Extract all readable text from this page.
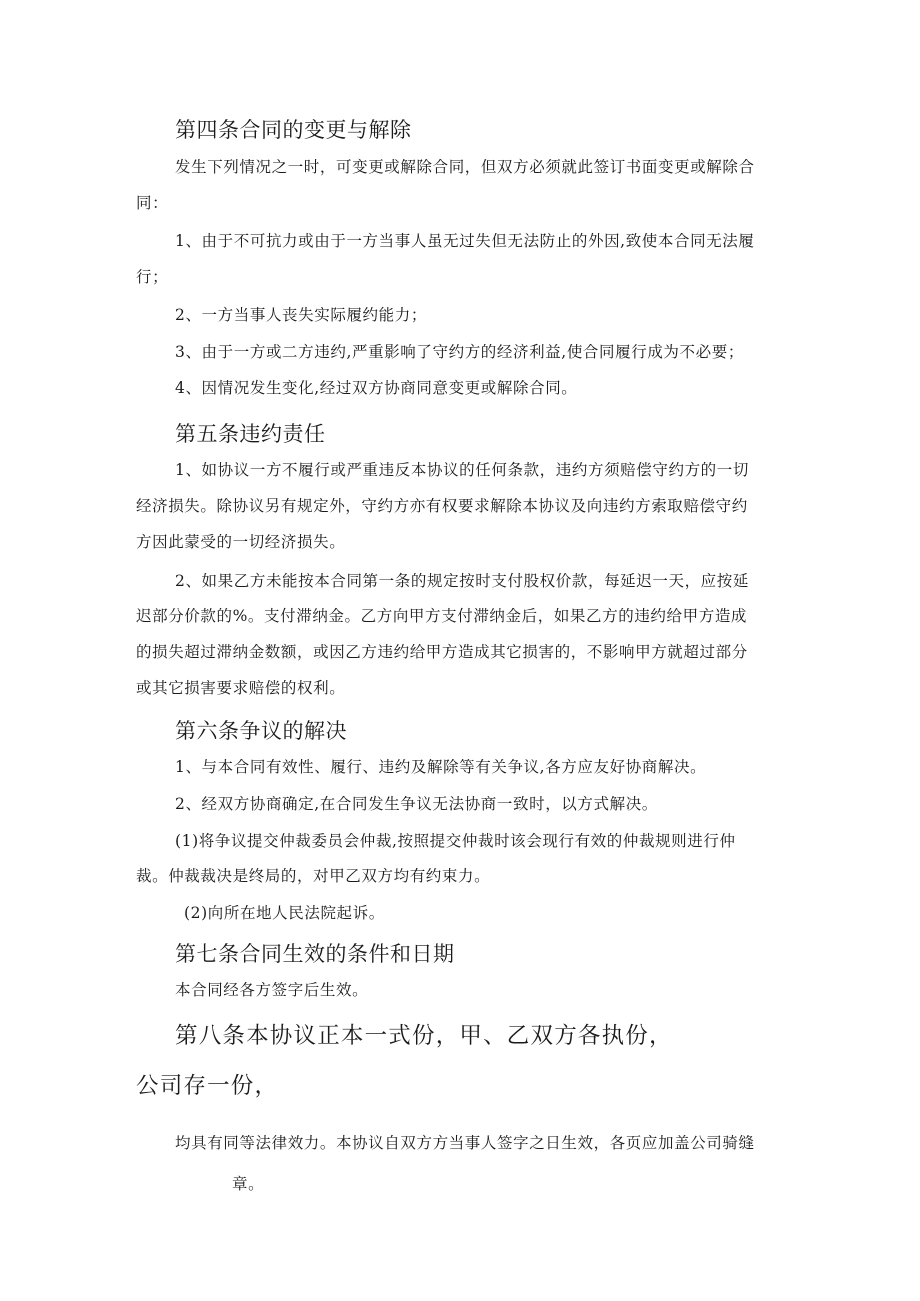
第四条合同的变更与解除
发生下列情况之一时，可变更或解除合同，但双方必须就此签订书面变更或解除合
同：
1、由于不可抗力或由于一方当事人虽无过失但无法防止的外因,致使本合同无法履
行；
2、一方当事人丧失实际履约能力；
3、由于一方或二方违约,严重影响了守约方的经济利益,使合同履行成为不必要；
4、因情况发生变化,经过双方协商同意变更或解除合同。
第五条违约责任
1、如协议一方不履行或严重违反本协议的任何条款，违约方须赔偿守约方的一切
经济损失。除协议另有规定外，守约方亦有权要求解除本协议及向违约方索取赔偿守约
方因此蒙受的一切经济损失。
2、如果乙方未能按本合同第一条的规定按时支付股权价款，每延迟一天，应按延
迟部分价款的%。支付滞纳金。乙方向甲方支付滞纳金后，如果乙方的违约给甲方造成
的损失超过滞纳金数额，或因乙方违约给甲方造成其它损害的，不影响甲方就超过部分
或其它损害要求赔偿的权利。
第六条争议的解决
1、与本合同有效性、履行、违约及解除等有关争议,各方应友好协商解决。
2、经双方协商确定,在合同发生争议无法协商一致时，以方式解决。
(1)将争议提交仲裁委员会仲裁,按照提交仲裁时该会现行有效的仲裁规则进行仲
裁。仲裁裁决是终局的，对甲乙双方均有约束力。
(2)向所在地人民法院起诉。
第七条合同生效的条件和日期
本合同经各方签字后生效。
第八条本协议正本一式份，甲、乙双方各执份，
公司存一份，
均具有同等法律效力。本协议自双方方当事人签字之日生效，各页应加盖公司骑缝
章。
